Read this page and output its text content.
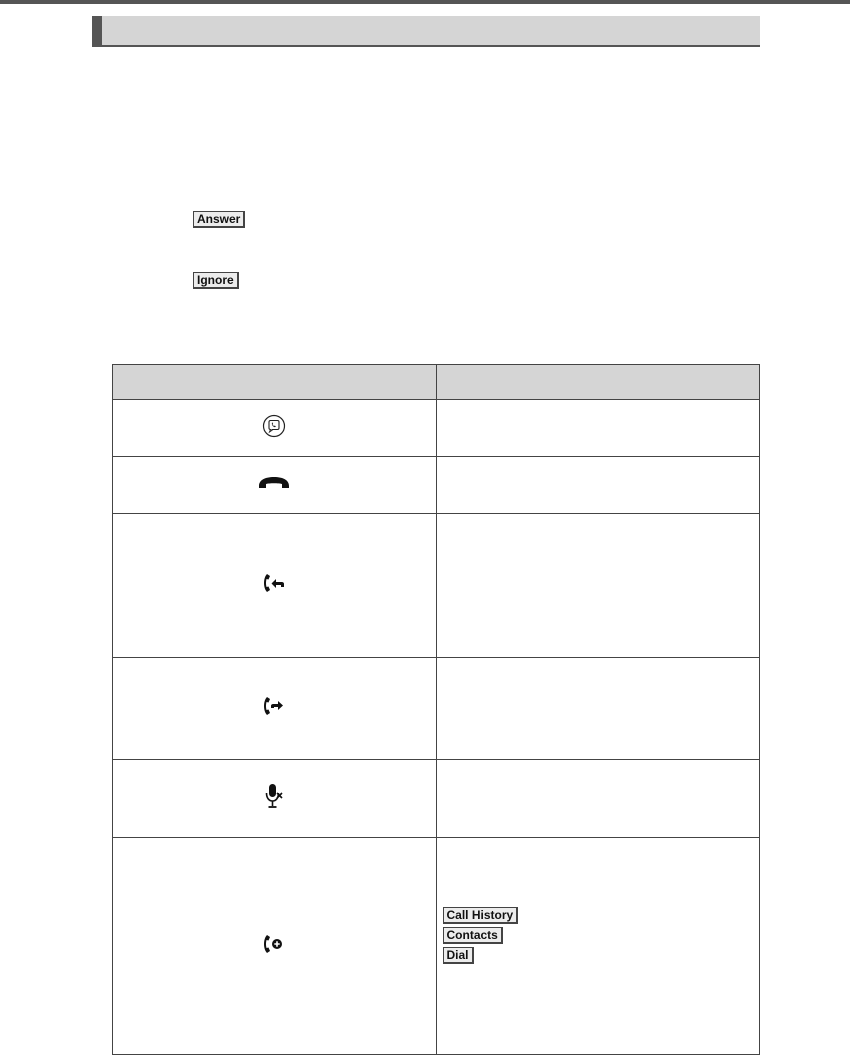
Answer
Ignore

Call History
Contacts
Dial
